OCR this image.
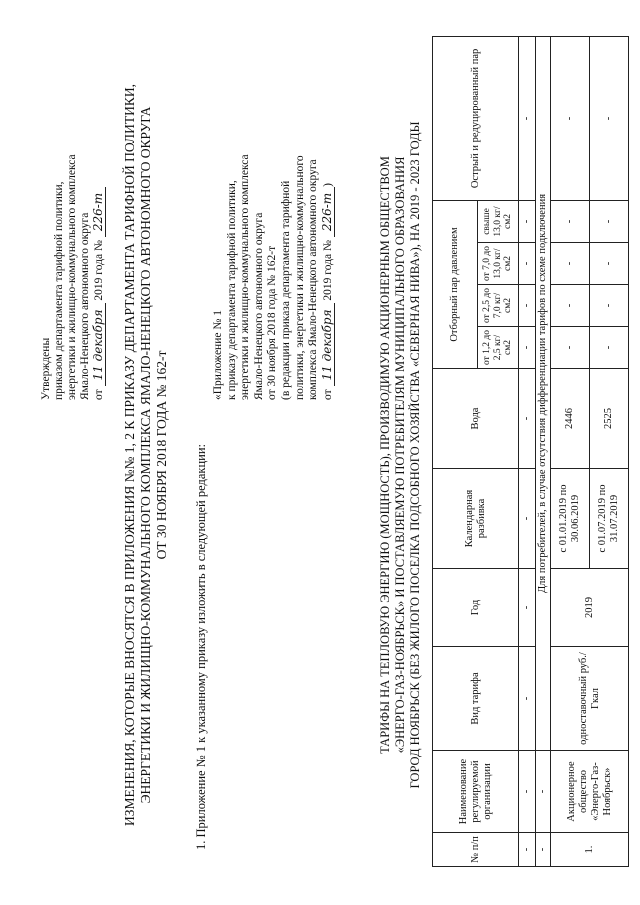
Утверждены приказом департамента тарифной политики, энергетики и жилищно-коммунального комплекса Ямало-Ненецкого автономного округа от 11 декабря 2019 года № 226-т ИЗМЕНЕНИЯ, КОТОРЫЕ ВНОСЯТСЯ В ПРИЛОЖЕНИЯ №№ 1, 2 К ПРИКАЗУ ДЕПАРТАМЕНТА ТАРИФНОЙ ПОЛИТИКИ, ЭНЕРГЕТИКИ И ЖИЛИЩНО-КОММУНАЛЬНОГО КОМПЛЕКСА ЯМАЛО-НЕНЕЦКОГО АВТОНОМНОГО ОКРУГА ОТ 30 НОЯБРЯ 2018 ГОДА № 162-т 1. Приложение № 1 к указанному приказу изложить в следующей редакции:
«Приложение № 1 к приказу департамента тарифной политики, энергетики и жилищно-коммунального комплекса Ямало-Ненецкого автономного округа от 30 ноября 2018 года № 162-т (в редакции приказа департамента тарифной политики, энергетики и жилищно-коммунального комплекса Ямало-Ненецкого автономного округа от 11 декабря 2019 года № 226-т)	ТАРИФЫ НА ТЕПЛОВУЮ ЭНЕРГИЮ (МОЩНОСТЬ), ПРОИЗВОДИМУЮ АКЦИОНЕРНЫМ ОБЩЕСТВОМ «ЭНЕРГО-ГАЗ-НОЯБРЬСК» И ПОСТАВЛЯЕМУЮ ПОТРЕБИТЕЛЯМ МУНИЦИПАЛЬНОГО ОБРАЗОВАНИЯ ГОРОД НОЯБРЬСК (БЕЗ ЖИЛОГО ПОСЕЛКА ПОДСОБНОГО ХОЗЯЙСТВА «СЕВЕРНАЯ НИВА»), НА 2019 - 2023 ГОДЫ
№ п/п	Наименование регулируемой организации	Вид тарифа	Год	Календарная разбивка	Вода	Отборный пар давлением				Острый и редуцированный пар
						от 1,2 до 2,5 кг/см2	от 2,5 до 7,0 кг/см2	от 7,0 до 13,0 кг/см2	свыше 13,0 кг/см2	
-	-	-	-	-	-	-	-	-	-	-
-	-	Для потребителей, в случае отсутствия дифференциации тарифов по схеме подключения								
1.	Акционерное общество «Энерго-Газ-Ноябрьск»	одноставочный руб./Гкал	2019	с 01.01.2019 по 30.06.2019	2446	-	-	-	-	-
				с 01.07.2019 по 31.07.2019	2525	-	-	-	-	-
